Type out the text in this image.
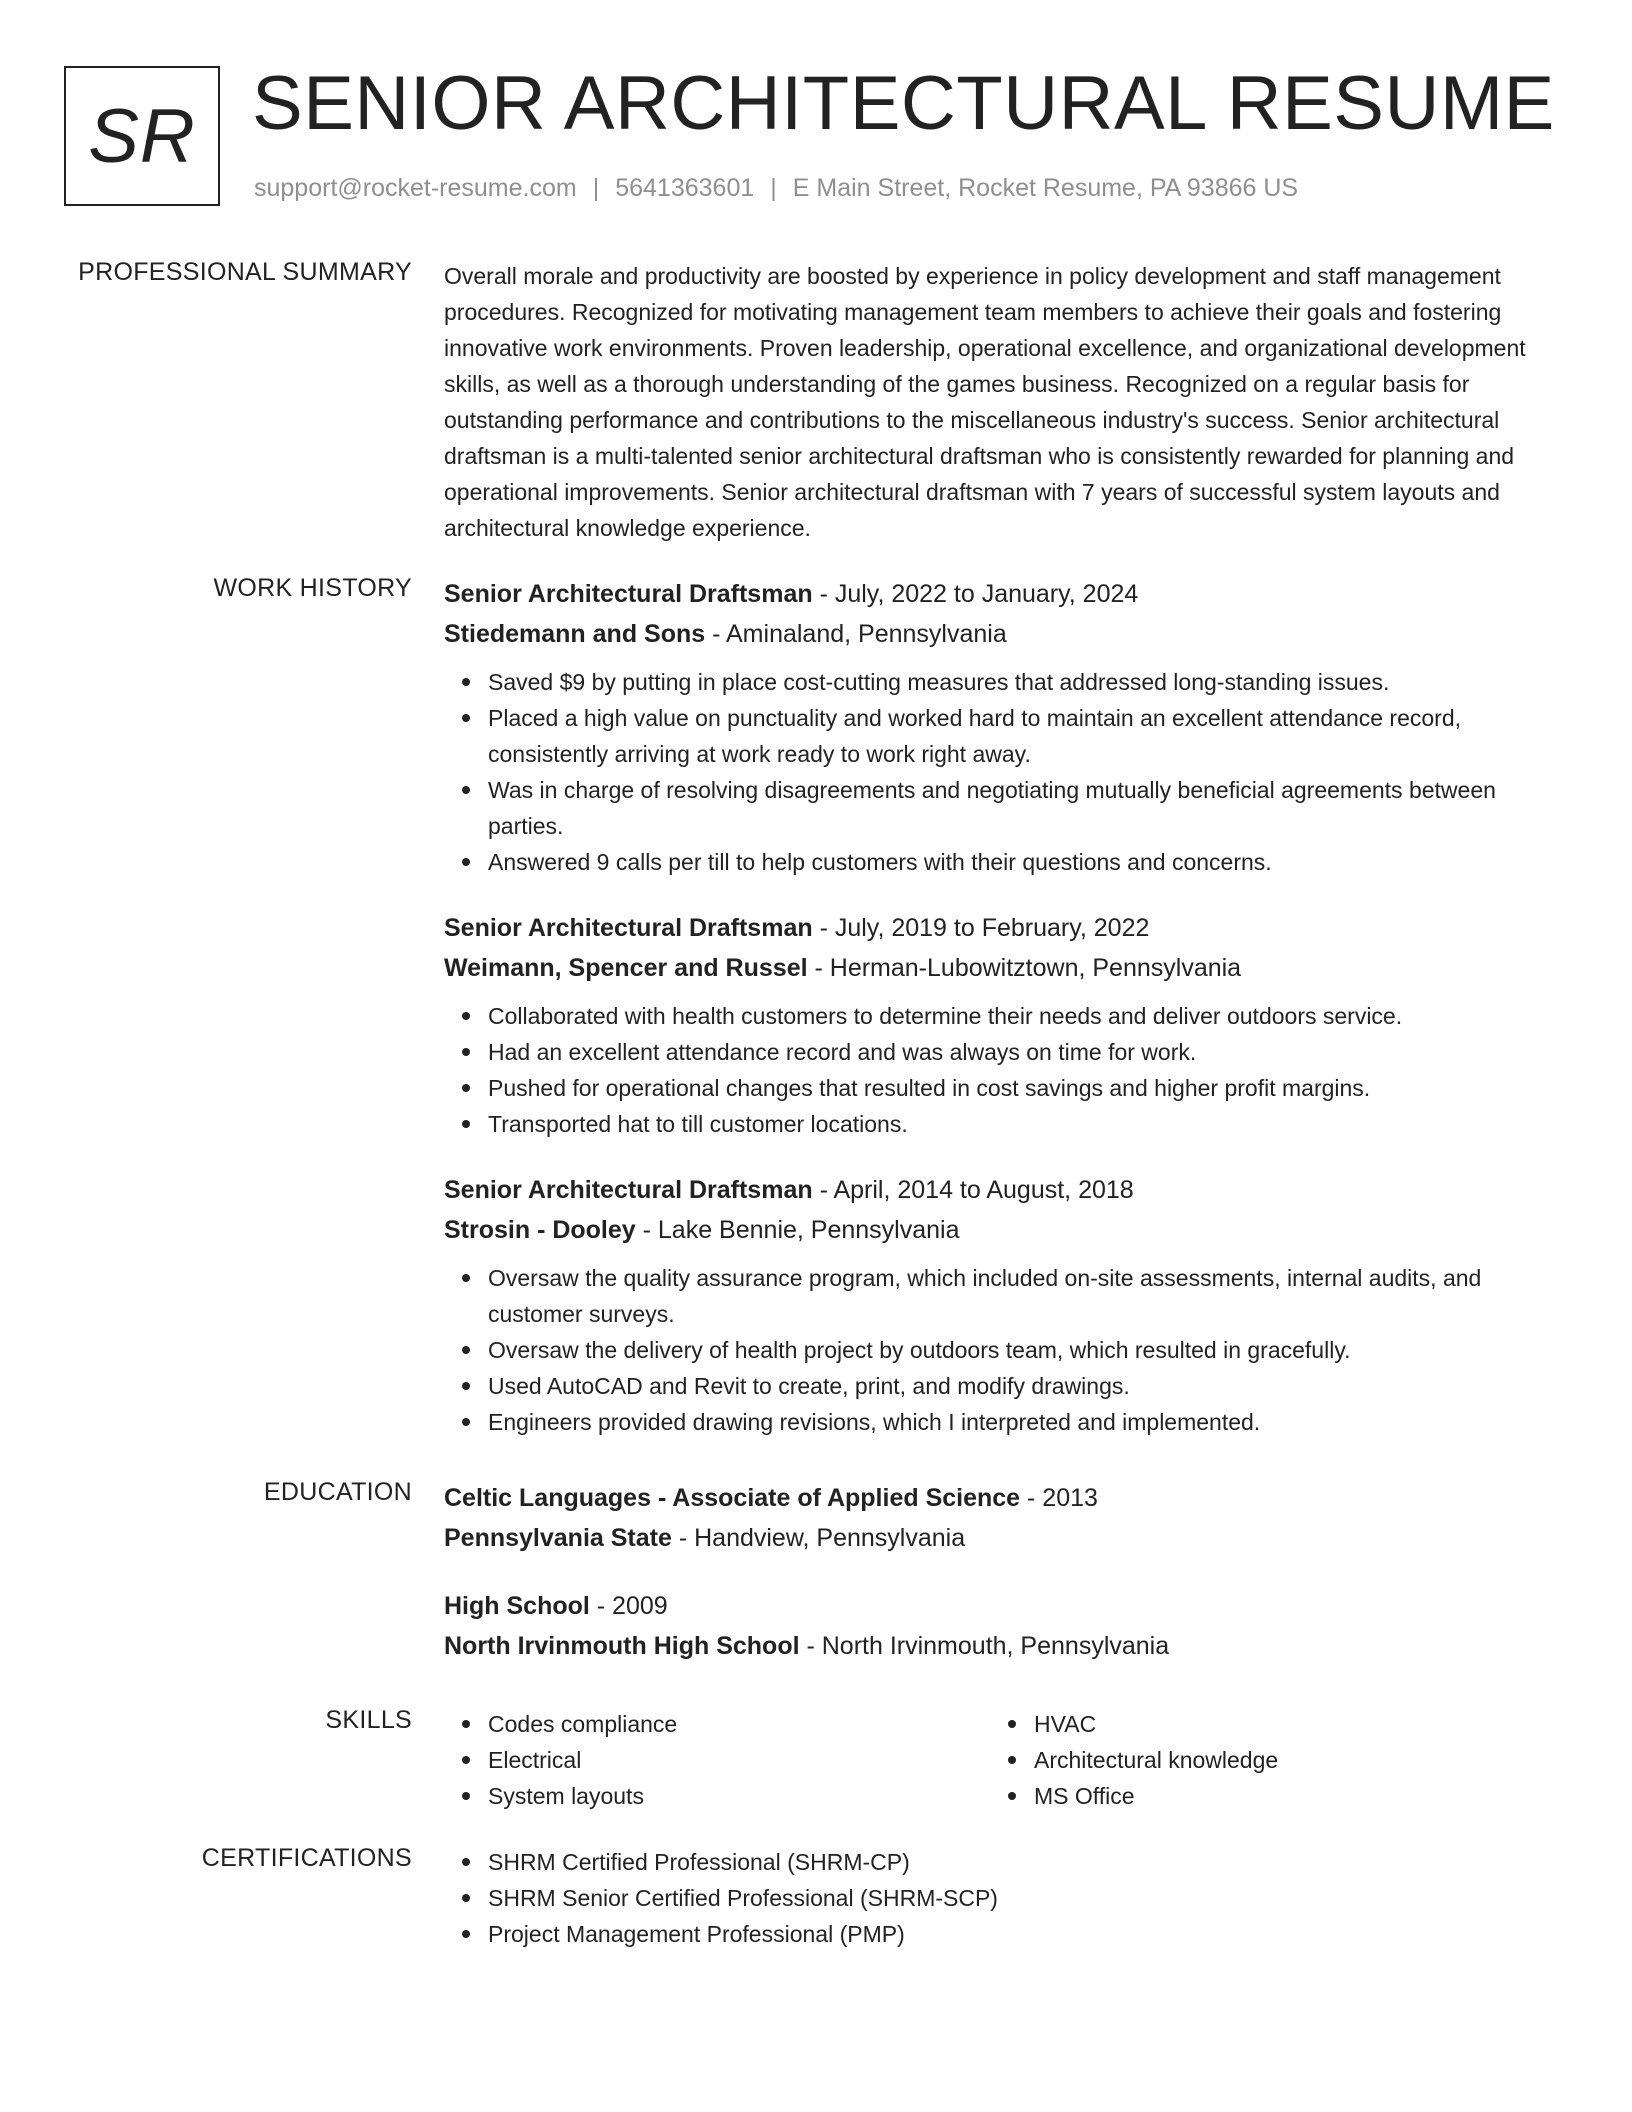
SR SENIOR ARCHITECTURAL RESUME
support@rocket-resume.com | 5641363601 | E Main Street, Rocket Resume, PA 93866 US
PROFESSIONAL SUMMARY Overall morale and productivity are boosted by experience in policy development and staff management procedures. Recognized for motivating management team members to achieve their goals and fostering innovative work environments. Proven leadership, operational excellence, and organizational development skills, as well as a thorough understanding of the games business. Recognized on a regular basis for outstanding performance and contributions to the miscellaneous industry's success. Senior architectural draftsman is a multi-talented senior architectural draftsman who is consistently rewarded for planning and operational improvements. Senior architectural draftsman with 7 years of successful system layouts and architectural knowledge experience.

WORK HISTORY Senior Architectural Draftsman - July, 2022 to January, 2024
Stiedemann and Sons - Aminaland, Pennsylvania
Saved $9 by putting in place cost-cutting measures that addressed long-standing issues.
Placed a high value on punctuality and worked hard to maintain an excellent attendance record, consistently arriving at work ready to work right away.
Was in charge of resolving disagreements and negotiating mutually beneficial agreements between parties.
Answered 9 calls per till to help customers with their questions and concerns.
Senior Architectural Draftsman - July, 2019 to February, 2022
Weimann, Spencer and Russel - Herman-Lubowitztown, Pennsylvania
Collaborated with health customers to determine their needs and deliver outdoors service.
Had an excellent attendance record and was always on time for work.
Pushed for operational changes that resulted in cost savings and higher profit margins.
Transported hat to till customer locations.
Senior Architectural Draftsman - April, 2014 to August, 2018
Strosin - Dooley - Lake Bennie, Pennsylvania
Oversaw the quality assurance program, which included on-site assessments, internal audits, and customer surveys.
Oversaw the delivery of health project by outdoors team, which resulted in gracefully.
Used AutoCAD and Revit to create, print, and modify drawings.
Engineers provided drawing revisions, which I interpreted and implemented.
EDUCATION Celtic Languages - Associate of Applied Science - 2013
Pennsylvania State - Handview, Pennsylvania
High School - 2009
North Irvinmouth High School - North Irvinmouth, Pennsylvania
SKILLS	Codes compliance
Electrical
System layouts
HVAC
Architectural knowledge
MS Office
CERTIFICATIONS	SHRM Certified Professional (SHRM-CP)
SHRM Senior Certified Professional (SHRM-SCP)
Project Management Professional (PMP)
